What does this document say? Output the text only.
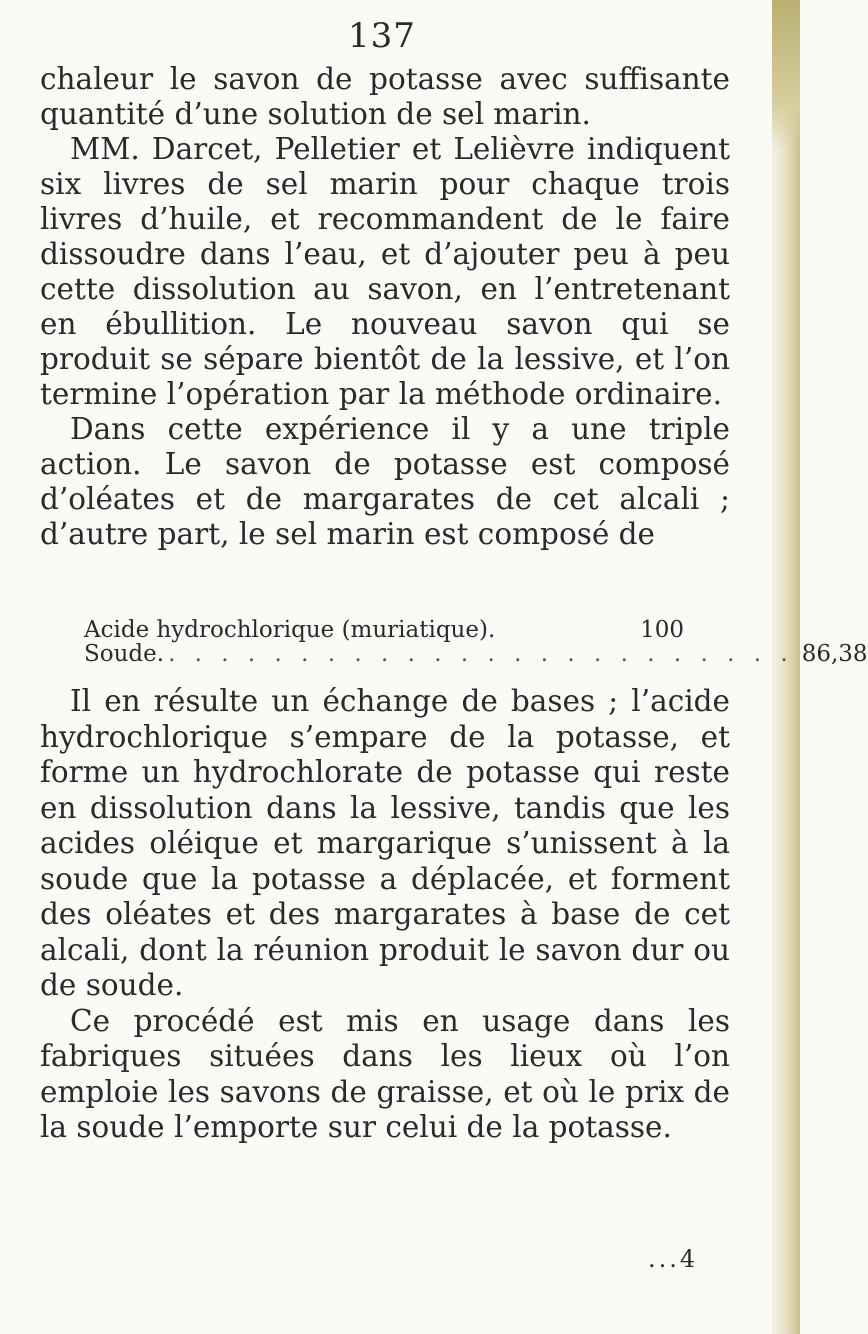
137

chaleur le savon de potasse avec suffisante quantité d’une solution de sel marin.

MM. Darcet, Pelletier et Lelièvre indiquent six livres de sel marin pour chaque trois livres d’huile, et recommandent de le faire dissoudre dans l’eau, et d’ajouter peu à peu cette dissolution au savon, en l’entretenant en ébullition. Le nouveau savon qui se produit se sépare bientôt de la lessive, et l’on termine l’opération par la méthode ordinaire.

Dans cette expérience il y a une triple action. Le savon de potasse est composé d’oléates et de margarates de cet alcali ; d’autre part, le sel marin est composé de

Acide hydrochlorique (muriatique).	100
Soude. . . . . . . . . . . . . . . . . . . . . . . . . 86,38

Il en résulte un échange de bases ; l’acide hydrochlorique s’empare de la potasse, et forme un hydrochlorate de potasse qui reste en dissolution dans la lessive, tandis que les acides oléique et margarique s’unissent à la soude que la potasse a déplacée, et forment des oléates et des margarates à base de cet alcali, dont la réunion produit le savon dur ou de soude.

Ce procédé est mis en usage dans les fabriques situées dans les lieux où l’on emploie les savons de graisse, et où le prix de la soude l’emporte sur celui de la potasse.

...4
